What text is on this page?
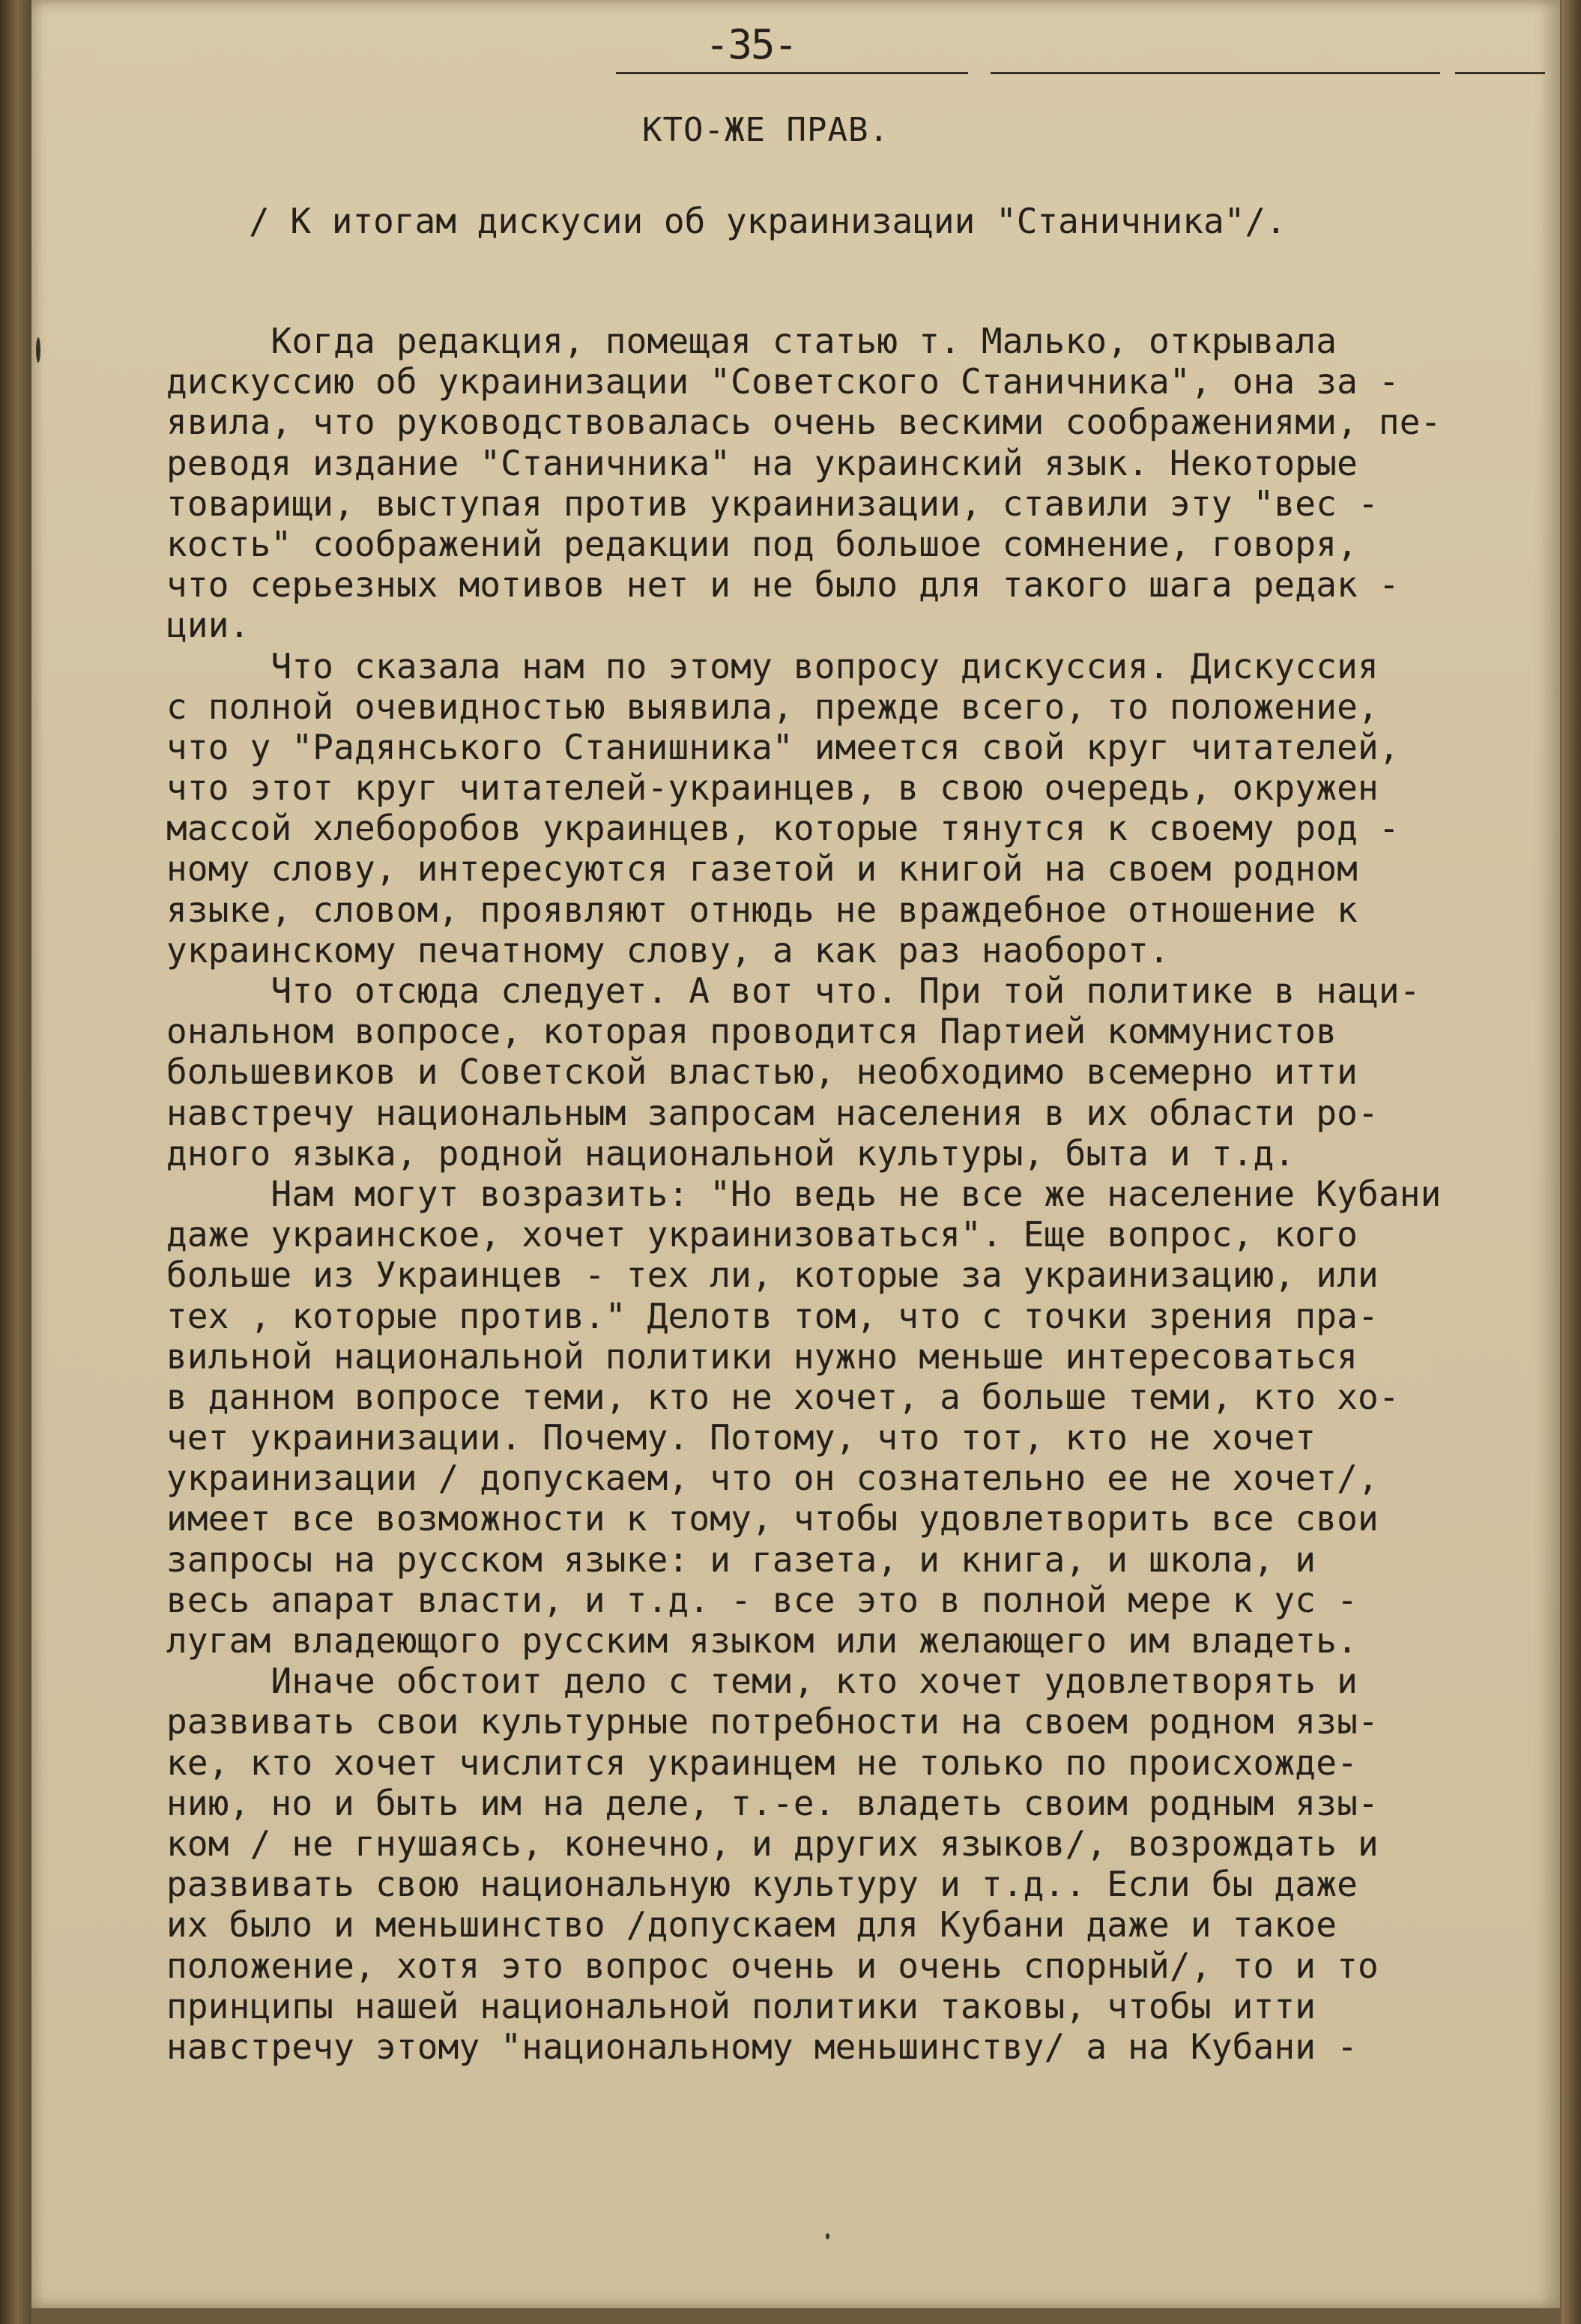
-35-
КТО-ЖЕ ПРАВ.
/ К итогам дискусии об украинизации "Станичника"/.
Когда редакция, помещая статью т. Малько, открывала
дискуссию об украинизации "Советского Станичника", она за -
явила, что руководствовалась очень вескими соображениями, пе-
реводя издание "Станичника" на украинский язык. Некоторые
товарищи, выступая против украинизации, ставили эту "вес -
кость" соображений редакции под большое сомнение, говоря,
что серьезных мотивов нет и не было для такого шага редак -
ции.
Что сказала нам по этому вопросу дискуссия. Дискуссия
с полной очевидностью выявила, прежде всего, то положение,
что у "Радянського Станишника" имеется свой круг читателей,
что этот круг читателей-украинцев, в свою очередь, окружен
массой хлеборобов украинцев, которые тянутся к своему род -
ному слову, интересуются газетой и книгой на своем родном
языке, словом, проявляют отнюдь не враждебное отношение к
украинскому печатному слову, а как раз наоборот.
Что отсюда следует. А вот что. При той политике в наци-
ональном вопросе, которая проводится Партией коммунистов
большевиков и Советской властью, необходимо всемерно итти
навстречу национальным запросам населения в их области ро-
дного языка, родной национальной культуры, быта и т.д.
Нам могут возразить: "Но ведь не все же население Кубани
даже украинское, хочет украинизоваться". Еще вопрос, кого
больше из Украинцев - тех ли, которые за украинизацию, или
тех , которые против." Делотв том, что с точки зрения пра-
вильной национальной политики нужно меньше интересоваться
в данном вопросе теми, кто не хочет, а больше теми, кто хо-
чет украинизации. Почему. Потому, что тот, кто не хочет
украинизации / допускаем, что он сознательно ее не хочет/,
имеет все возможности к тому, чтобы удовлетворить все свои
запросы на русском языке: и газета, и книга, и школа, и
весь апарат власти, и т.д. - все это в полной мере к ус -
лугам владеющого русским языком или желающего им владеть.
Иначе обстоит дело с теми, кто хочет удовлетворять и
развивать свои культурные потребности на своем родном язы-
ке, кто хочет числится украинцем не только по происхожде-
нию, но и быть им на деле, т.-е. владеть своим родным язы-
ком / не гнушаясь, конечно, и других языков/, возрождать и
развивать свою национальную культуру и т.д.. Если бы даже
их было и меньшинство /допускаем для Кубани даже и такое
положение, хотя это вопрос очень и очень спорный/, то и то
принципы нашей национальной политики таковы, чтобы итти
навстречу этому "национальному меньшинству/ а на Кубани -
